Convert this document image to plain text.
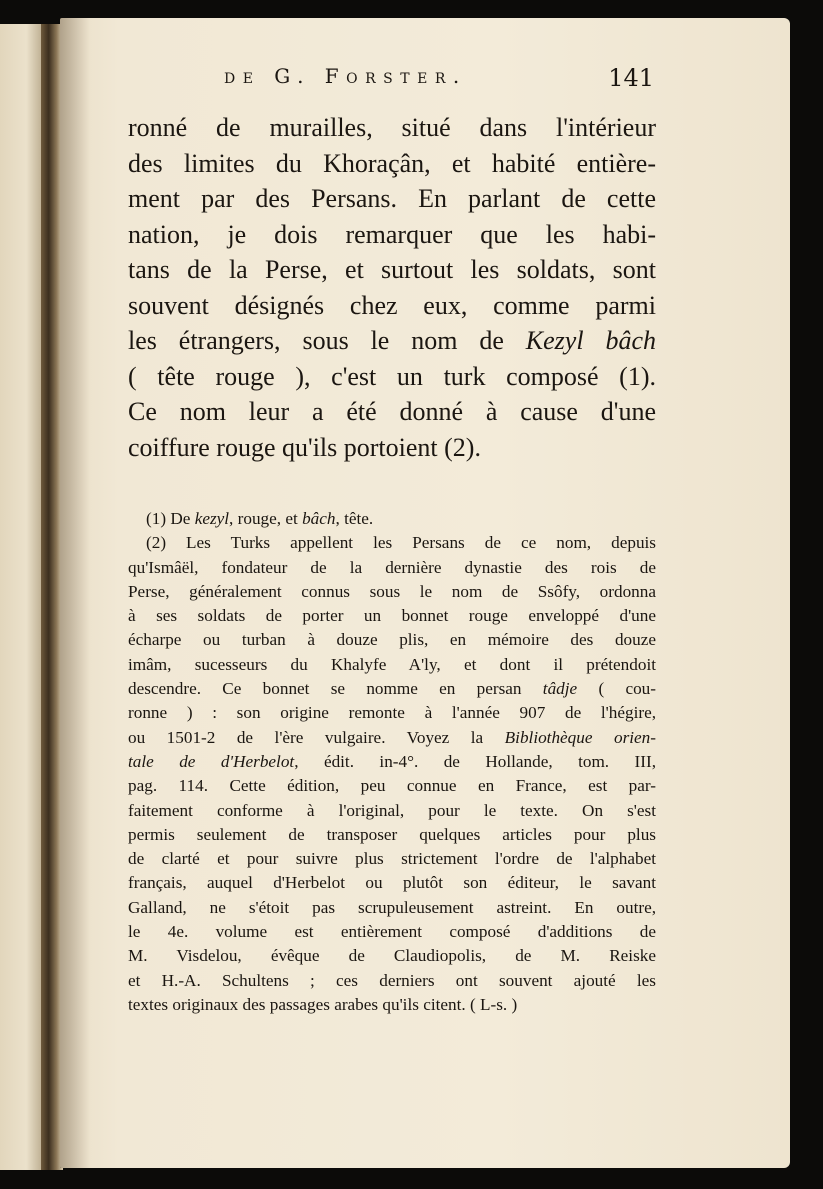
de G. Forster.	141
ronné de murailles, situé dans l'intérieur
des limites du Khoraçân, et habité entière-
ment par des Persans. En parlant de cette
nation, je dois remarquer que les habi-
tans de la Perse, et surtout les soldats, sont
souvent désignés chez eux, comme parmi
les étrangers, sous le nom de Kezyl bâch
( tête rouge ), c'est un turk composé (1).
Ce nom leur a été donné à cause d'une
coiffure rouge qu'ils portoient (2).
(1) De kezyl, rouge, et bâch, tête.
(2) Les Turks appellent les Persans de ce nom, depuis
qu'Ismâël, fondateur de la dernière dynastie des rois de
Perse, généralement connus sous le nom de Ssôfy, ordonna
à ses soldats de porter un bonnet rouge enveloppé d'une
écharpe ou turban à douze plis, en mémoire des douze
imâm, sucesseurs du Khalyfe A'ly, et dont il prétendoit
descendre. Ce bonnet se nomme en persan tâdje ( cou-
ronne ) : son origine remonte à l'année 907 de l'hégire,
ou 1501-2 de l'ère vulgaire. Voyez la Bibliothèque orien-
tale de d'Herbelot, édit. in-4°. de Hollande, tom. III,
pag. 114. Cette édition, peu connue en France, est par-
faitement conforme à l'original, pour le texte. On s'est
permis seulement de transposer quelques articles pour plus
de clarté et pour suivre plus strictement l'ordre de l'alphabet
français, auquel d'Herbelot ou plutôt son éditeur, le savant
Galland, ne s'étoit pas scrupuleusement astreint. En outre,
le 4e. volume est entièrement composé d'additions de
M. Visdelou, évêque de Claudiopolis, de M. Reiske
et H.-A. Schultens ; ces derniers ont souvent ajouté les
textes originaux des passages arabes qu'ils citent. ( L-s. )
